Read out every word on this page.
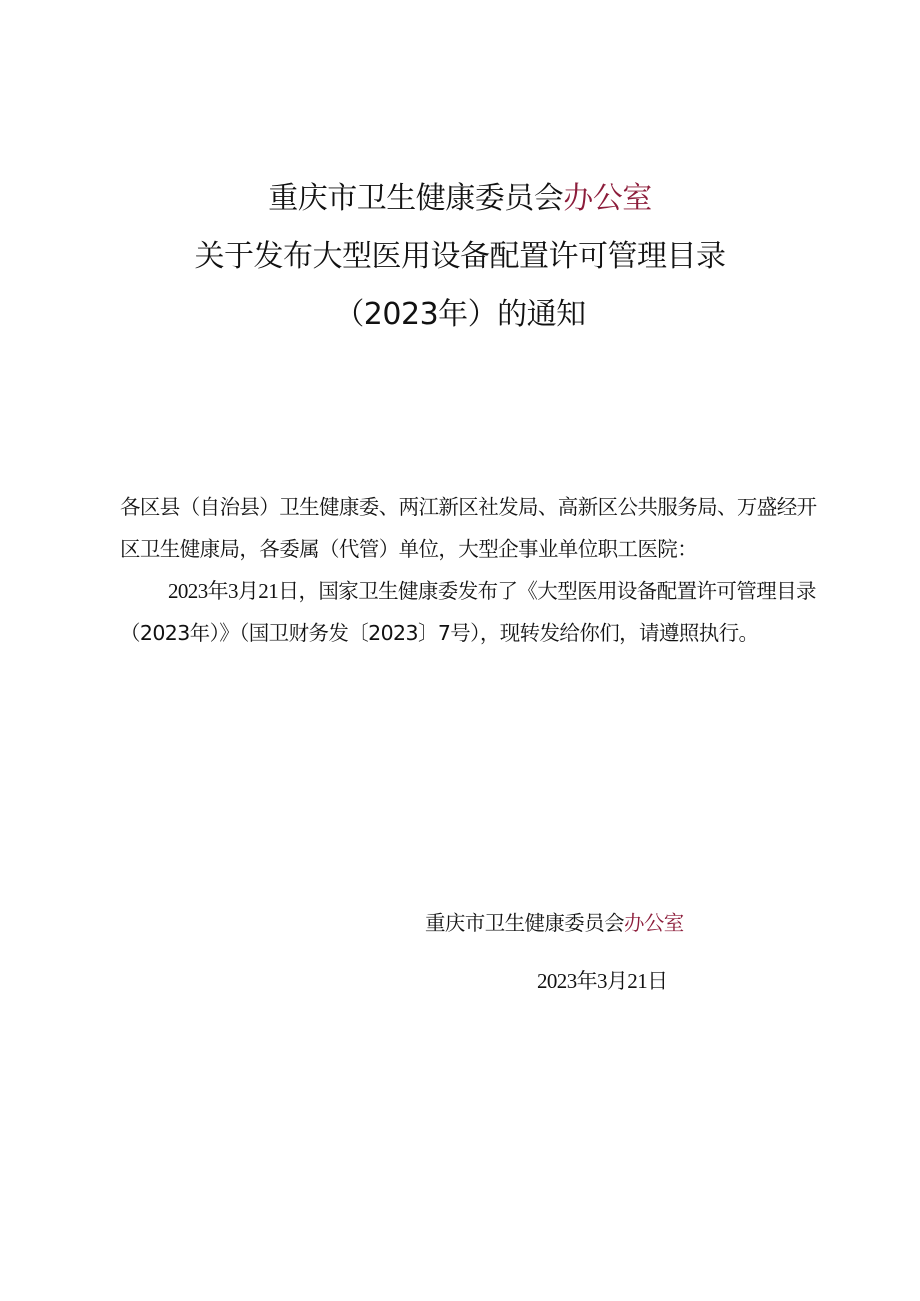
重庆市卫生健康委员会办公室
关于发布大型医用设备配置许可管理目录
（2023年）的通知

各区县（自治县）卫生健康委、两江新区社发局、高新区公共服务局、万盛经开区卫生健康局，各委属（代管）单位，大型企事业单位职工医院：

2023年3月21日，国家卫生健康委发布了《大型医用设备配置许可管理目录（2023年）》（国卫财务发〔2023〕7号），现转发给你们，请遵照执行。

重庆市卫生健康委员会办公室
2023年3月21日
